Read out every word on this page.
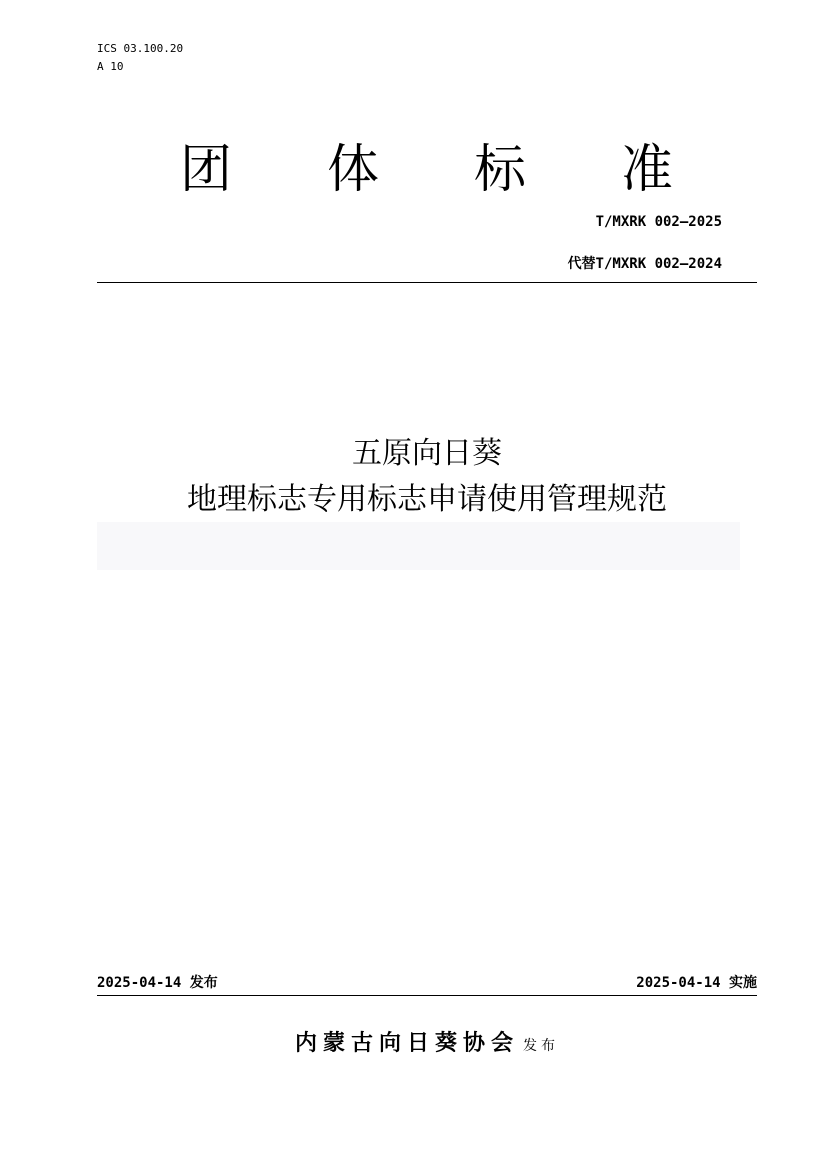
ICS 03.100.20
A 10
团 体 标 准
T/MXRK 002—2025
代替T/MXRK 002—2024
五原向日葵
地理标志专用标志申请使用管理规范
2025-04-14 发布	2025-04-14 实施
内蒙古向日葵协会 发布
